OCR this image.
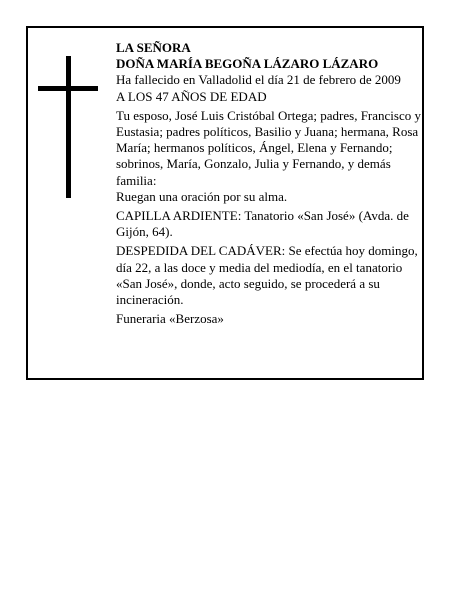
LA SEÑORA

DOÑA MARÍA BEGOÑA LÁZARO LÁZARO

Ha fallecido en Valladolid el día 21 de febrero de 2009

A LOS 47 AÑOS DE EDAD

Tu esposo, José Luis Cristóbal Ortega; padres, Francisco y Eustasia; padres políticos, Basilio y Juana; hermana, Rosa María; hermanos políticos, Ángel, Elena y Fernando; sobrinos, María, Gonzalo, Julia y Fernando, y demás familia:

Ruegan una oración por su alma.

CAPILLA ARDIENTE: Tanatorio «San José» (Avda. de Gijón, 64).

DESPEDIDA DEL CADÁVER: Se efectúa hoy domingo, día 22, a las doce y media del mediodía, en el tanatorio «San José», donde, acto seguido, se procederá a su incineración.

Funeraria «Berzosa»
